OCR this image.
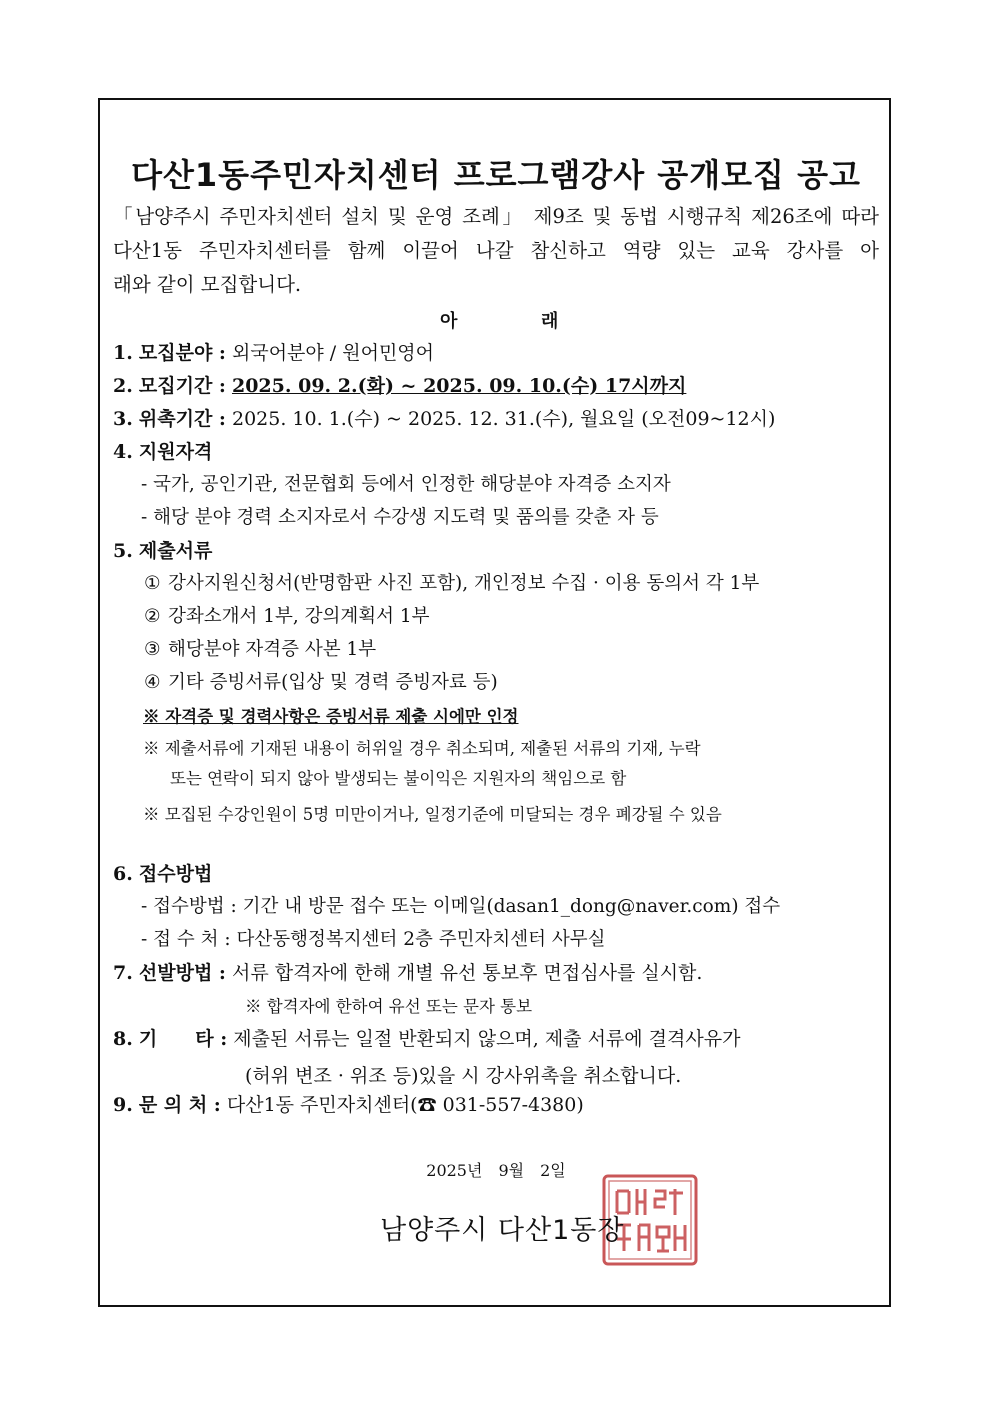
다산1동주민자치센터 프로그램강사 공개모집 공고
「남양주시 주민자치센터 설치 및 운영 조례」 제9조 및 동법 시행규칙 제26조에 따라
다산1동 주민자치센터를 함께 이끌어 나갈 참신하고 역량 있는 교육 강사를 아
래와 같이 모집합니다.
아	래
1. 모집분야 : 외국어분야 / 원어민영어
2. 모집기간 : 2025. 09. 2.(화) ~ 2025. 09. 10.(수) 17시까지
3. 위촉기간 : 2025. 10. 1.(수) ~ 2025. 12. 31.(수), 월요일 (오전09~12시)
4. 지원자격
- 국가, 공인기관, 전문협회 등에서 인정한 해당분야 자격증 소지자
- 해당 분야 경력 소지자로서 수강생 지도력 및 품의를 갖춘 자 등
5. 제출서류
① 강사지원신청서(반명함판 사진 포함), 개인정보 수집 · 이용 동의서 각 1부
② 강좌소개서 1부, 강의계획서 1부
③ 해당분야 자격증 사본 1부
④ 기타 증빙서류(입상 및 경력 증빙자료 등)
※ 자격증 및 경력사항은 증빙서류 제출 시에만 인정
※ 제출서류에 기재된 내용이 허위일 경우 취소되며, 제출된 서류의 기재, 누락
또는 연락이 되지 않아 발생되는 불이익은 지원자의 책임으로 함
※ 모집된 수강인원이 5명 미만이거나, 일정기준에 미달되는 경우 폐강될 수 있음
6. 접수방법
- 접수방법 : 기간 내 방문 접수 또는 이메일(dasan1_dong@naver.com) 접수
- 접 수 처 : 다산동행정복지센터 2층 주민자치센터 사무실
7. 선발방법 : 서류 합격자에 한해 개별 유선 통보후 면접심사를 실시함.
※ 합격자에 한하여 유선 또는 문자 통보
8. 기　　타 : 제출된 서류는 일절 반환되지 않으며, 제출 서류에 결격사유가
(허위 변조 · 위조 등)있을 시 강사위촉을 취소합니다.
9. 문 의 처 : 다산1동 주민자치센터(☎ 031-557-4380)
2025년　9월　2일
남양주시 다산1동장
